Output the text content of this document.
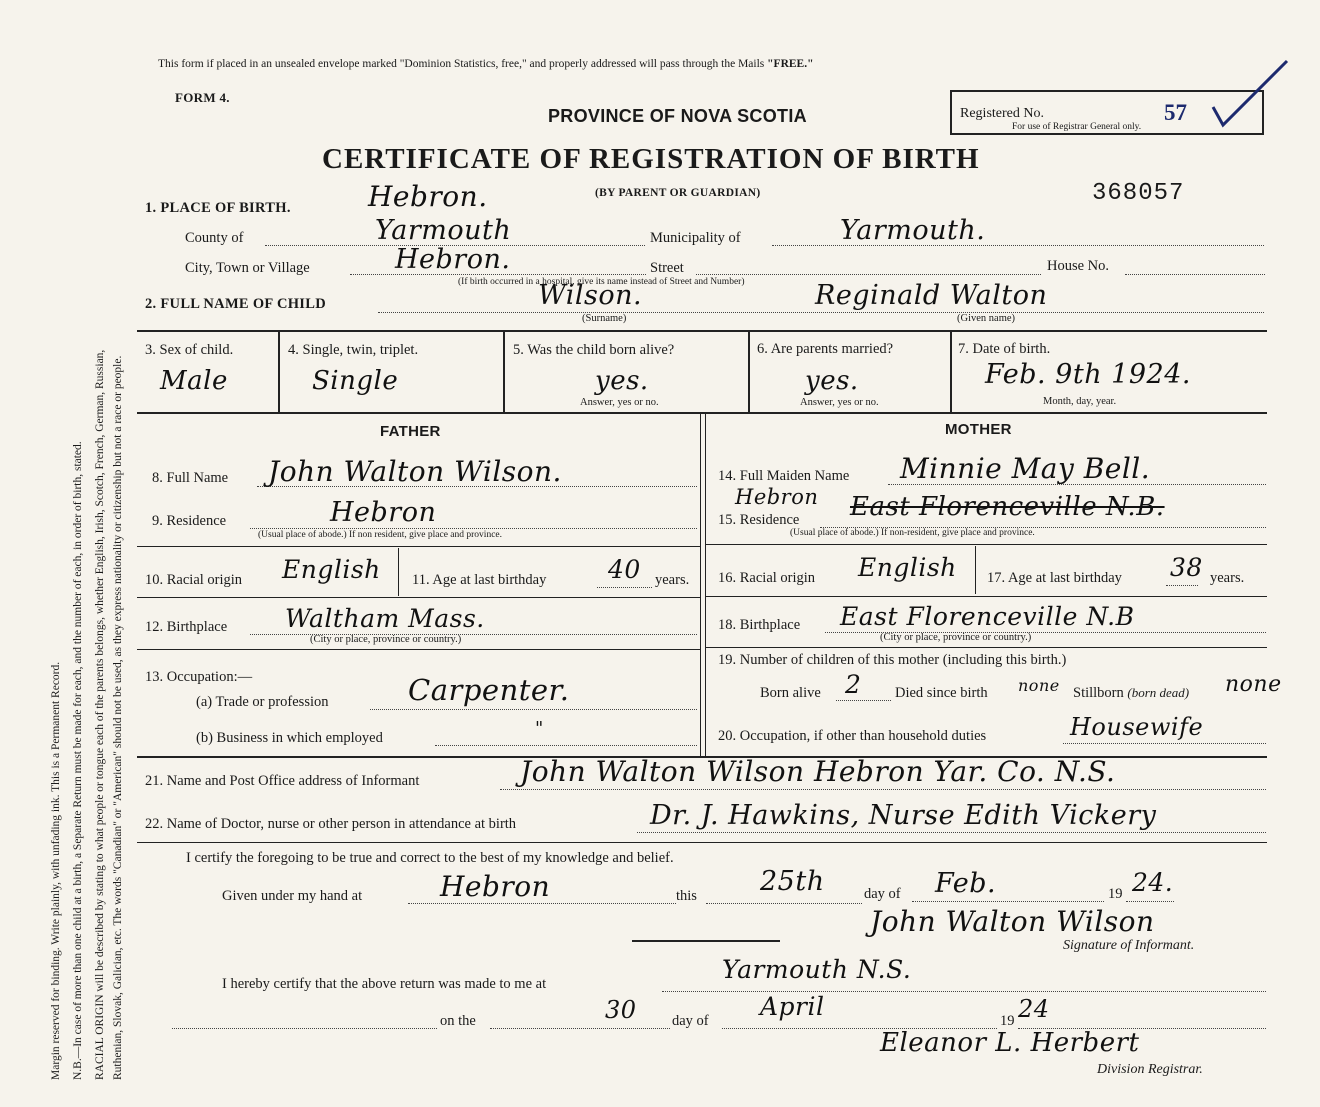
Margin reserved for binding. Write plainly, with unfading ink. This is a Permanent Record. N.B.—In case of more than one child at a birth, a Separate Return must be made for each, and the number of each, in order of birth, stated. RACIAL ORIGIN will be described by stating to what people or tongue each of the parents belongs, whether English, Irish, Scotch, French, German, Russian, Ruthenian, Slovak, Galician, etc. The words "Canadian" or "American" should not be used, as they express nationality or citizenship but not a race or people.
This form if placed in an unsealed envelope marked "Dominion Statistics, free," and properly addressed will pass through the Mails "FREE."
FORM 4.
PROVINCE OF NOVA SCOTIA
CERTIFICATE OF REGISTRATION OF BIRTH
(BY PARENT OR GUARDIAN)	368057
Registered No.	57
For use of Registrar General only.
1. PLACE OF BIRTH.	Hebron.
County of	Yarmouth	Municipality of	Yarmouth.
City, Town or Village	Hebron.	Street	House No.
(If birth occurred in a hospital, give its name instead of Street and Number)
2. FULL NAME OF CHILD	Wilson.
(Surname)
Reginald Walton
(Given name)
3. Sex of child.
Male
4. Single, twin, triplet.
Single
5. Was the child born alive?
yes.
Answer, yes or no.
6. Are parents married?
yes.
Answer, yes or no.
7. Date of birth.
Feb. 9th 1924.
Month, day, year.
FATHER	MOTHER
8. Full Name John Walton Wilson.
9. Residence	Hebron
(Usual place of abode.) If non resident, give place and province.
14. Full Maiden Name Minnie May Bell.
Hebron
15. Residence East Florenceville N.B.
(Usual place of abode.) If non-resident, give place and province.
10. Racial origin English 11. Age at last birthday 40 years. 16. Racial origin English 17. Age at last birthday 38 years.
12. Birthplace Waltham Mass.
(City or place, province or country.)
18. Birthplace East Florenceville N.B
(City or place, province or country.)
13. Occupation:—
(a) Trade or profession	Carpenter.
(b) Business in which employed	"
19. Number of children of this mother (including this birth.)
Born alive 2 Died since birth none Stillborn (born dead) none
20. Occupation, if other than household duties	Housewife
21. Name and Post Office address of Informant	John Walton Wilson Hebron Yar. Co. N.S.
22. Name of Doctor, nurse or other person in attendance at birth	Dr. J. Hawkins, Nurse Edith Vickery
I certify the foregoing to be true and correct to the best of my knowledge and belief.
Given under my hand at	Hebron	this 25th	day of Feb.	19 24.
John Walton Wilson
Signature of Informant.
I hereby certify that the above return was made to me at	Yarmouth N.S.
on the	30 day of April	19 24
Eleanor L. Herbert
Division Registrar.
